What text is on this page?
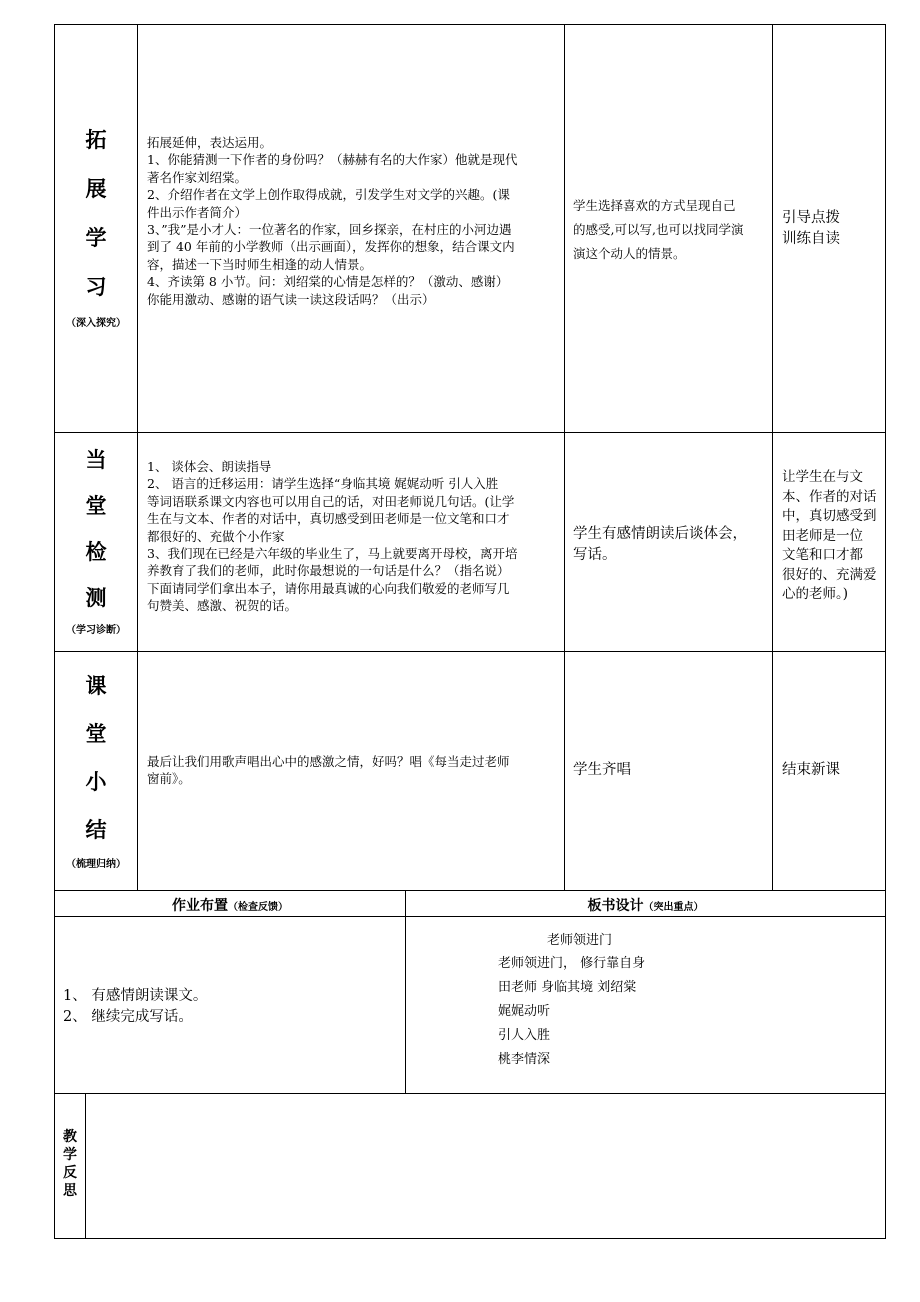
拓
展
学
习
（深入探究）
拓展延伸，表达运用。
1、你能猜测一下作者的身份吗？（赫赫有名的大作家）他就是现代
著名作家刘绍棠。
2、介绍作者在文学上创作取得成就，引发学生对文学的兴趣。(课
件出示作者简介）
3、”我”是小才人：一位著名的作家，回乡探亲，在村庄的小河边遇
到了 40 年前的小学教师（出示画面），发挥你的想象，结合课文内
容，描述一下当时师生相逢的动人情景。
4、齐读第 8 小节。问：刘绍棠的心情是怎样的？（激动、感谢）
你能用激动、感谢的语气读一读这段话吗？（出示）
学生选择喜欢的方式呈现自己
的感受,可以写,也可以找同学演
演这个动人的情景。
引导点拨
训练自读
当
堂
检
测
（学习诊断）
1、 谈体会、朗读指导
2、 语言的迁移运用：请学生选择“身临其境 娓娓动听 引人入胜
等词语联系课文内容也可以用自己的话，对田老师说几句话。(让学
生在与文本、作者的对话中，真切感受到田老师是一位文笔和口才
都很好的、充做个小作家
3、我们现在已经是六年级的毕业生了，马上就要离开母校，离开培
养教育了我们的老师，此时你最想说的一句话是什么？（指名说）
下面请同学们拿出本子，请你用最真诚的心向我们敬爱的老师写几
句赞美、感激、祝贺的话。
学生有感情朗读后谈体会，
写话。
让学生在与文
本、作者的对话
中，真切感受到
田老师是一位
文笔和口才都
很好的、充满爱
心的老师。)
课
堂
小
结
（梳理归纳）
最后让我们用歌声唱出心中的感激之情，好吗？唱《每当走过老师
窗前》。
学生齐唱	结束新课
作业布置（检查反馈）	板书设计（突出重点）
1、 有感情朗读课文。
2、 继续完成写话。
老师领进门
老师领进门， 修行靠自身
田老师 身临其境 刘绍棠
娓娓动听
引人入胜
桃李情深
教
学
反
思
